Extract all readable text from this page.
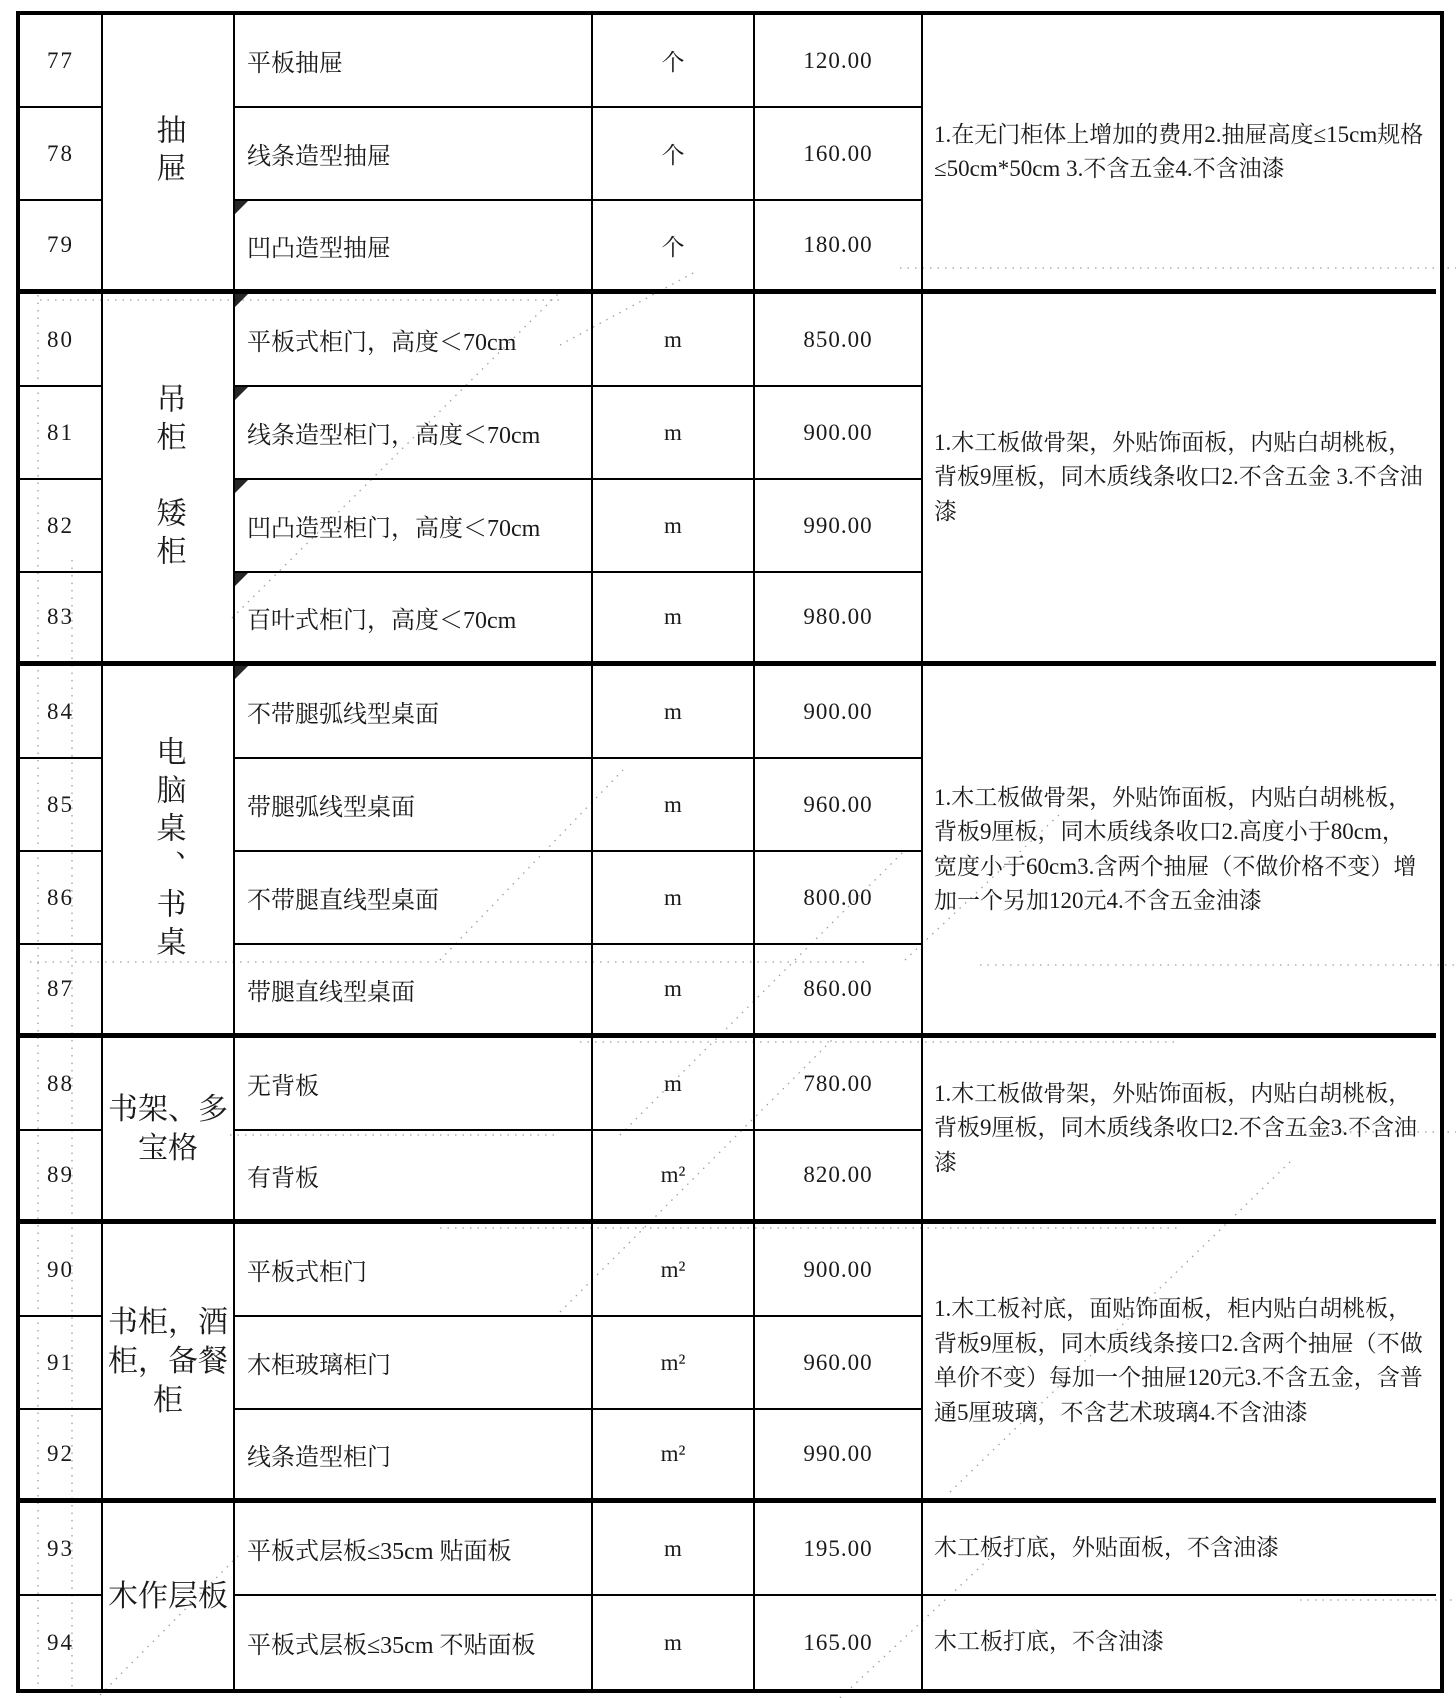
77
78
79
80
81
82
83
84
85
86
87
88
89
90
91
92
93
94
抽屉
吊柜　矮柜
电脑桌、书桌
书架、多宝格
书柜，酒柜，备餐柜
木作层板
平板抽屉
线条造型抽屉
凹凸造型抽屉
平板式柜门，高度＜70cm
线条造型柜门，高度＜70cm
凹凸造型柜门，高度＜70cm
百叶式柜门，高度＜70cm
不带腿弧线型桌面
带腿弧线型桌面
不带腿直线型桌面
带腿直线型桌面
无背板
有背板
平板式柜门
木柜玻璃柜门
线条造型柜门
平板式层板≤35cm 贴面板
平板式层板≤35cm 不贴面板
个
个
个
m
m
m
m
m
m
m
m
m
m²
m²
m²
m²
m
m
120.00
160.00
180.00
850.00
900.00
990.00
980.00
900.00
960.00
800.00
860.00
780.00
820.00
900.00
960.00
990.00
195.00
165.00
1.在无门柜体上增加的费用2.抽屉高度≤15cm规格≤50cm*50cm 3.不含五金4.不含油漆
1.木工板做骨架，外贴饰面板，内贴白胡桃板，背板9厘板，同木质线条收口2.不含五金 3.不含油漆
1.木工板做骨架，外贴饰面板，内贴白胡桃板，背板9厘板，同木质线条收口2.高度小于80cm，宽度小于60cm3.含两个抽屉（不做价格不变）增加一个另加120元4.不含五金油漆
1.木工板做骨架，外贴饰面板，内贴白胡桃板，背板9厘板，同木质线条收口2.不含五金3.不含油漆
1.木工板衬底，面贴饰面板，柜内贴白胡桃板，背板9厘板，同木质线条接口2.含两个抽屉（不做单价不变）每加一个抽屉120元3.不含五金，含普通5厘玻璃，不含艺术玻璃4.不含油漆
木工板打底，外贴面板，不含油漆
木工板打底，不含油漆
